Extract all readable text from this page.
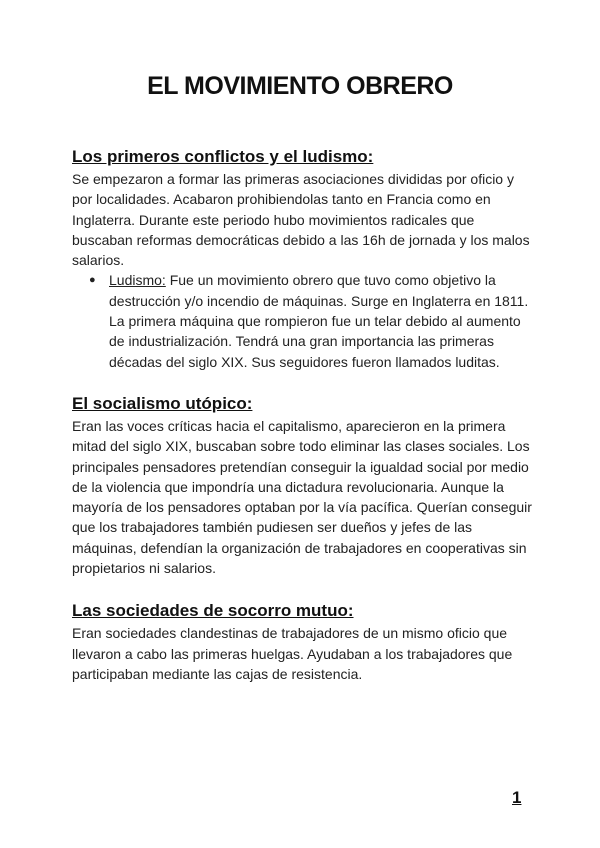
EL MOVIMIENTO OBRERO
Los primeros conflictos y el ludismo:

Se empezaron a formar las primeras asociaciones divididas por oficio y por localidades. Acabaron prohibiendolas tanto en Francia como en Inglaterra. Durante este periodo hubo movimientos radicales que buscaban reformas democráticas debido a las 16h de jornada y los malos salarios.

● Ludismo: Fue un movimiento obrero que tuvo como objetivo la destrucción y/o incendio de máquinas. Surge en Inglaterra en 1811. La primera máquina que rompieron fue un telar debido al aumento de industrialización. Tendrá una gran importancia las primeras décadas del siglo XIX. Sus seguidores fueron llamados luditas.
El socialismo utópico:

Eran las voces críticas hacia el capitalismo, aparecieron en la primera mitad del siglo XIX, buscaban sobre todo eliminar las clases sociales. Los principales pensadores pretendían conseguir la igualdad social por medio de la violencia que impondría una dictadura revolucionaria. Aunque la mayoría de los pensadores optaban por la vía pacífica. Querían conseguir que los trabajadores también pudiesen ser dueños y jefes de las máquinas, defendían la organización de trabajadores en cooperativas sin propietarios ni salarios.

Las sociedades de socorro mutuo:

Eran sociedades clandestinas de trabajadores de un mismo oficio que llevaron a cabo las primeras huelgas. Ayudaban a los trabajadores que participaban mediante las cajas de resistencia.

1
